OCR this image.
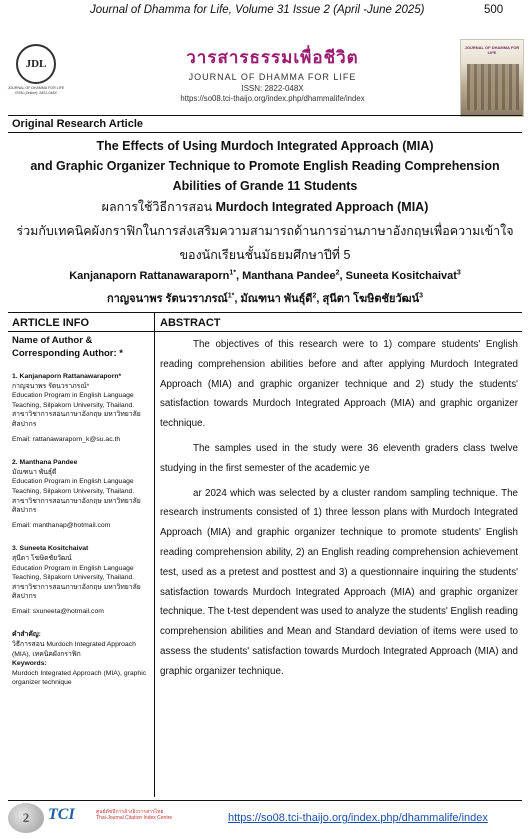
Journal of Dhamma for Life, Volume 31 Issue 2 (April -June 2025)	500
JDL
JOURNAL OF DHAMMA FOR LIFE
ISSN (Online): 2822-048X
วารสารธรรมเพื่อชีวิต
JOURNAL OF DHAMMA FOR LIFE
ISSN: 2822-048X
https://so08.tci-thaijo.org/index.php/dhammalife/index
JOURNAL OF DHAMMA FOR LIFE
Original Research Article
The Effects of Using Murdoch Integrated Approach (MIA)
and Graphic Organizer Technique to Promote English Reading Comprehension
Abilities of Grande 11 Students
ผลการใช้วิธีการสอน Murdoch Integrated Approach (MIA)
ร่วมกับเทคนิคผังกราฟิกในการส่งเสริมความสามารถด้านการอ่านภาษาอังกฤษเพื่อความเข้าใจ
ของนักเรียนชั้นมัธยมศึกษาปีที่ 5
Kanjanaporn Rattanawaraporn$^{1*}$, Manthana Pandee$^2$, Suneeta Kositchaivat$^3$
กาญจนาพร รัตนวราภรณ์$^{1*}$, มัณฑนา พันธุ์ดี$^2$, สุนีตา โฆษิตชัยวัฒน์$^3$
ARTICLE INFO	ABSTRACT
Name of Author & Corresponding Author: *
1. Kanjanaporn Rattanawaraporn*
กาญจนาพร รัตนวราภรณ์*
Education Program in English Language Teaching, Silpakorn University, Thailand.
สาขาวิชาการสอนภาษาอังกฤษ มหาวิทยาลัยศิลปากร
Email: rattanawaraporn_k@su.ac.th
2. Manthana Pandee
มัณฑนา พันธุ์ดี
Education Program in English Language Teaching, Silpakorn University, Thailand.
สาขาวิชาการสอนภาษาอังกฤษ มหาวิทยาลัยศิลปากร
Email: manthanap@hotmail.com
3. Suneeta Kositchaivat
สุนีตา โฆษิตชัยวัฒน์
Education Program in English Language Teaching, Silpakorn University, Thailand.
สาขาวิชาการสอนภาษาอังกฤษ มหาวิทยาลัยศิลปากร
Email: sxuneeta@hotmail.com
คำสำคัญ:
วิธีการสอน Murdoch Integrated Approach (MIA), เทคนิคผังกราฟิก
Keywords:
Murdoch Integrated Approach (MIA), graphic organizer technique

The objectives of this research were to 1) compare students' English reading comprehension abilities before and after applying Murdoch Integrated Approach (MIA) and graphic organizer technique and 2) study the students' satisfaction towards Murdoch Integrated Approach (MIA) and graphic organizer technique.

The samples used in the study were 36 eleventh graders class twelve studying in the first semester of the academic ye

ar 2024 which was selected by a cluster random sampling technique. The research instruments consisted of 1) three lesson plans with Murdoch Integrated Approach (MIA) and graphic organizer technique to promote students' English reading comprehension ability, 2) an English reading comprehension achievement test, used as a pretest and posttest and 3) a questionnaire inquiring the students' satisfaction towards Murdoch Integrated Approach (MIA) and graphic organizer technique. The t-test dependent was used to analyze the students' English reading comprehension abilities and Mean and Standard deviation of items were used to assess the students' satisfaction towards Murdoch Integrated Approach (MIA) and graphic organizer technique.

2	TCI	ศูนย์ดัชนีการอ้างอิงวารสารไทย Thai-Journal Citation Index Centre	https://so08.tci-thaijo.org/index.php/dhammalife/index
